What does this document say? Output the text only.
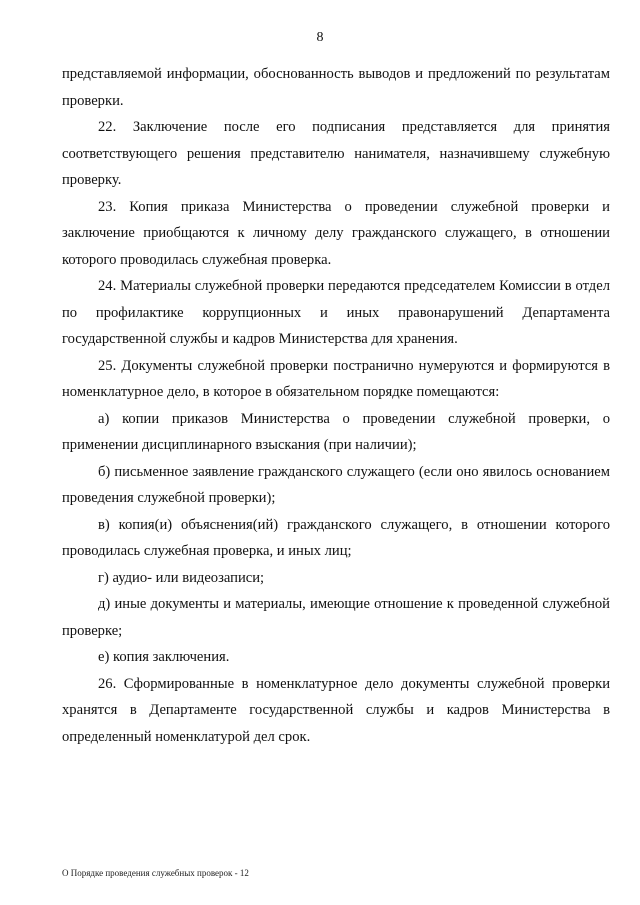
8

представляемой информации, обоснованность выводов и предложений по результатам проверки.

22. Заключение после его подписания представляется для принятия соответствующего решения представителю нанимателя, назначившему служебную проверку.

23. Копия приказа Министерства о проведении служебной проверки и заключение приобщаются к личному делу гражданского служащего, в отношении которого проводилась служебная проверка.

24. Материалы служебной проверки передаются председателем Комиссии в отдел по профилактике коррупционных и иных правонарушений Департамента государственной службы и кадров Министерства для хранения.

25. Документы служебной проверки постранично нумеруются и формируются в номенклатурное дело, в которое в обязательном порядке помещаются:

а) копии приказов Министерства о проведении служебной проверки, о применении дисциплинарного взыскания (при наличии);

б) письменное заявление гражданского служащего (если оно явилось основанием проведения служебной проверки);

в) копия(и) объяснения(ий) гражданского служащего, в отношении которого проводилась служебная проверка, и иных лиц;

г) аудио- или видеозаписи;

д) иные документы и материалы, имеющие отношение к проведенной служебной проверке;

е) копия заключения.

26. Сформированные в номенклатурное дело документы служебной проверки хранятся в Департаменте государственной службы и кадров Министерства в определенный номенклатурой дел срок.

О Порядке проведения служебных проверок - 12
